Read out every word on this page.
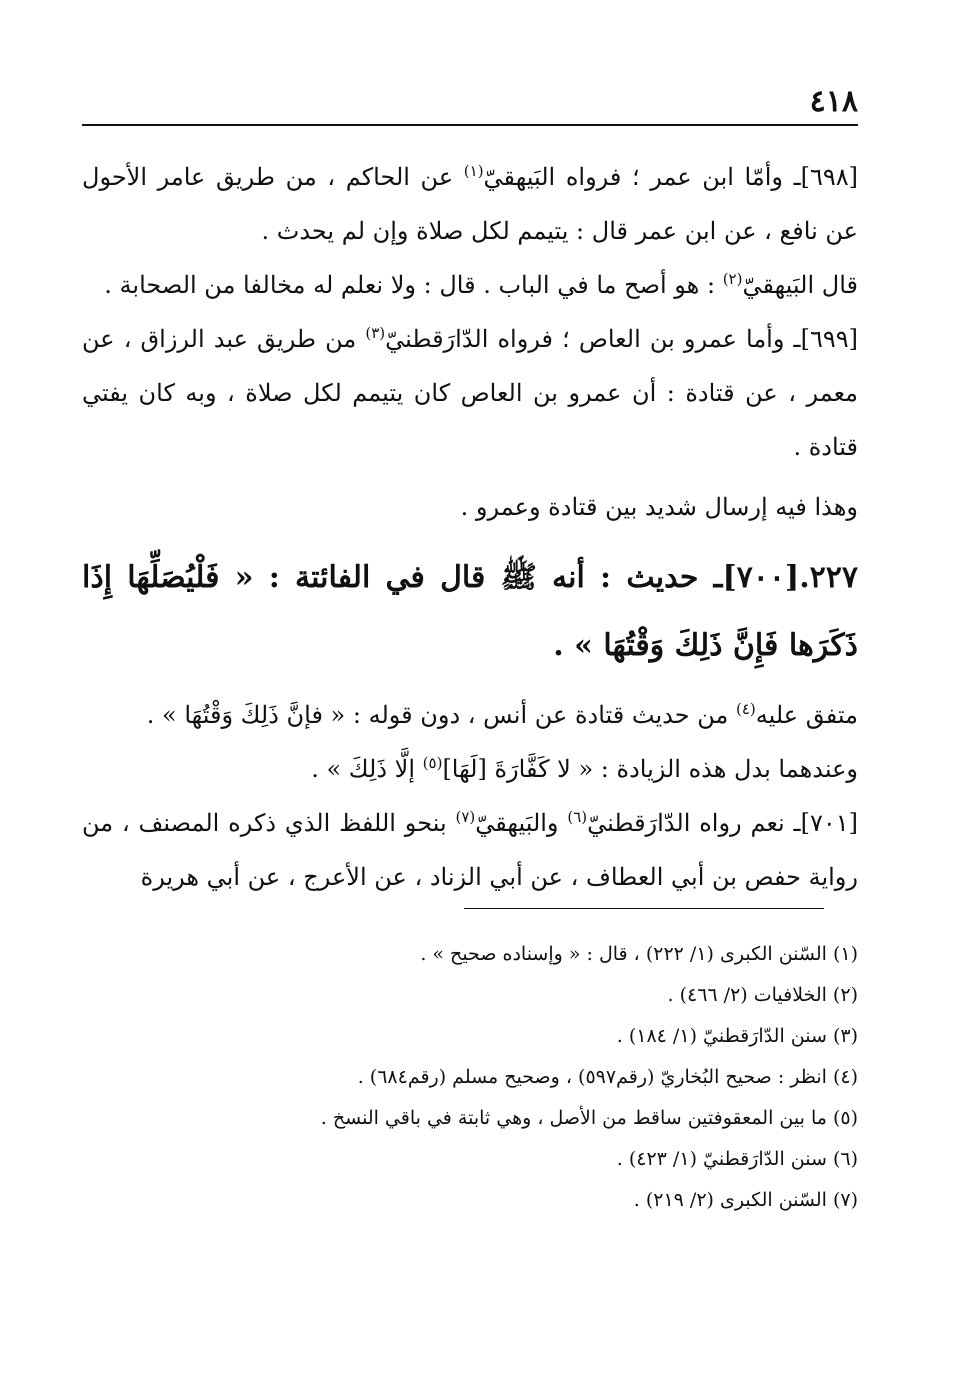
٤١٨

[٦٩٨]ـ وأمّا ابن عمر ؛ فرواه البَيهقيّ$^{(١)}$ عن الحاكم ، من طريق عامر الأحول عن نافع ، عن ابن عمر قال : يتيمم لكل صلاة وإن لم يحدث .

قال البَيهقيّ$^{(٢)}$ : هو أصح ما في الباب . قال : ولا نعلم له مخالفا من الصحابة .

[٦٩٩]ـ وأما عمرو بن العاص ؛ فرواه الدّارَقطنيّ$^{(٣)}$ من طريق عبد الرزاق ، عن معمر ، عن قتادة : أن عمرو بن العاص كان يتيمم لكل صلاة ، وبه كان يفتي قتادة .

وهذا فيه إرسال شديد بين قتادة وعمرو .

٢٢٧.[٧٠٠]ـ حديث : أنه ﷺ قال في الفائتة : « فَلْيُصَلِّهَا إِذَا ذَكَرَها فَإِنَّ ذَلِكَ وَقْتُهَا » .

متفق عليه$^{(٤)}$ من حديث قتادة عن أنس ، دون قوله : « فإنَّ ذَلِكَ وَقْتُهَا » .

وعندهما بدل هذه الزيادة : « لا كَفَّارَةَ [لَهَا]$^{(٥)}$ إلَّا ذَلِكَ » .

[٧٠١]ـ نعم رواه الدّارَقطنيّ$^{(٦)}$ والبَيهقيّ$^{(٧)}$ بنحو اللفظ الذي ذكره المصنف ، من رواية حفص بن أبي العطاف ، عن أبي الزناد ، عن الأعرج ، عن أبي هريرة

(١) السّنن الكبرى (١/ ٢٢٢) ، قال : « وإسناده صحيح » .
(٢) الخلافيات (٢/ ٤٦٦) .
(٣) سنن الدّارَقطنيّ (١/ ١٨٤) .
(٤) انظر : صحيح البُخاريّ (رقم٥٩٧) ، وصحيح مسلم (رقم٦٨٤) .
(٥) ما بين المعقوفتين ساقط من الأصل ، وهي ثابتة في باقي النسخ .
(٦) سنن الدّارَقطنيّ (١/ ٤٢٣) .
(٧) السّنن الكبرى (٢/ ٢١٩) .
